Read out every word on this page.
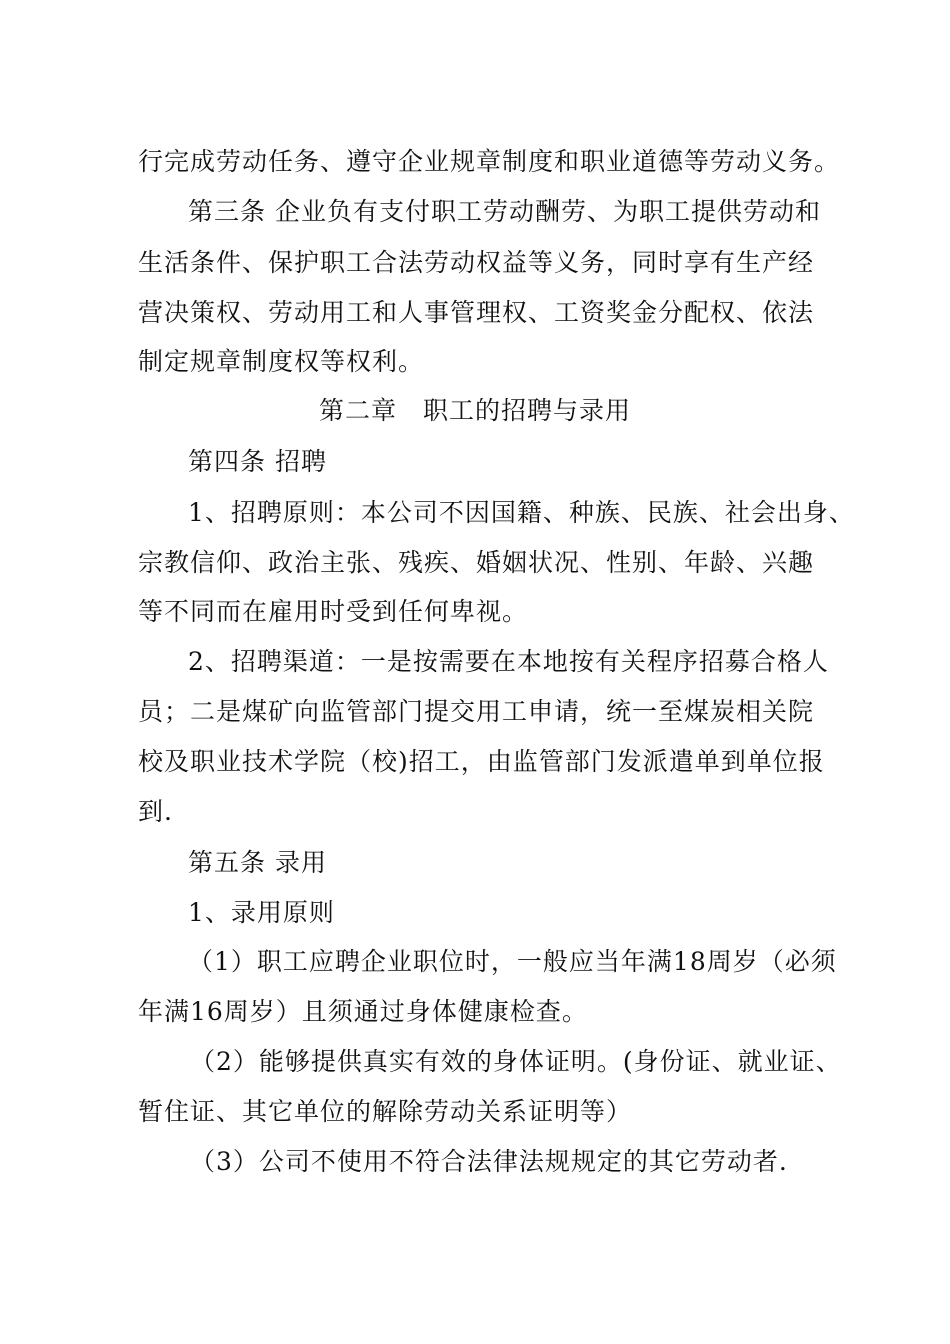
行完成劳动任务、遵守企业规章制度和职业道德等劳动义务。
第三条 企业负有支付职工劳动酬劳、为职工提供劳动和
生活条件、保护职工合法劳动权益等义务，同时享有生产经
营决策权、劳动用工和人事管理权、工资奖金分配权、依法
制定规章制度权等权利。
第二章　职工的招聘与录用
第四条 招聘
1、招聘原则：本公司不因国籍、种族、民族、社会出身、
宗教信仰、政治主张、残疾、婚姻状况、性别、年龄、兴趣
等不同而在雇用时受到任何卑视。
2、招聘渠道：一是按需要在本地按有关程序招募合格人
员；二是煤矿向监管部门提交用工申请，统一至煤炭相关院
校及职业技术学院（校)招工，由监管部门发派遣单到单位报
到.
第五条 录用
1、录用原则
（1）职工应聘企业职位时，一般应当年满18周岁（必须
年满16周岁）且须通过身体健康检查。
（2）能够提供真实有效的身体证明。(身份证、就业证、
暂住证、其它单位的解除劳动关系证明等）
（3）公司不使用不符合法律法规规定的其它劳动者.
